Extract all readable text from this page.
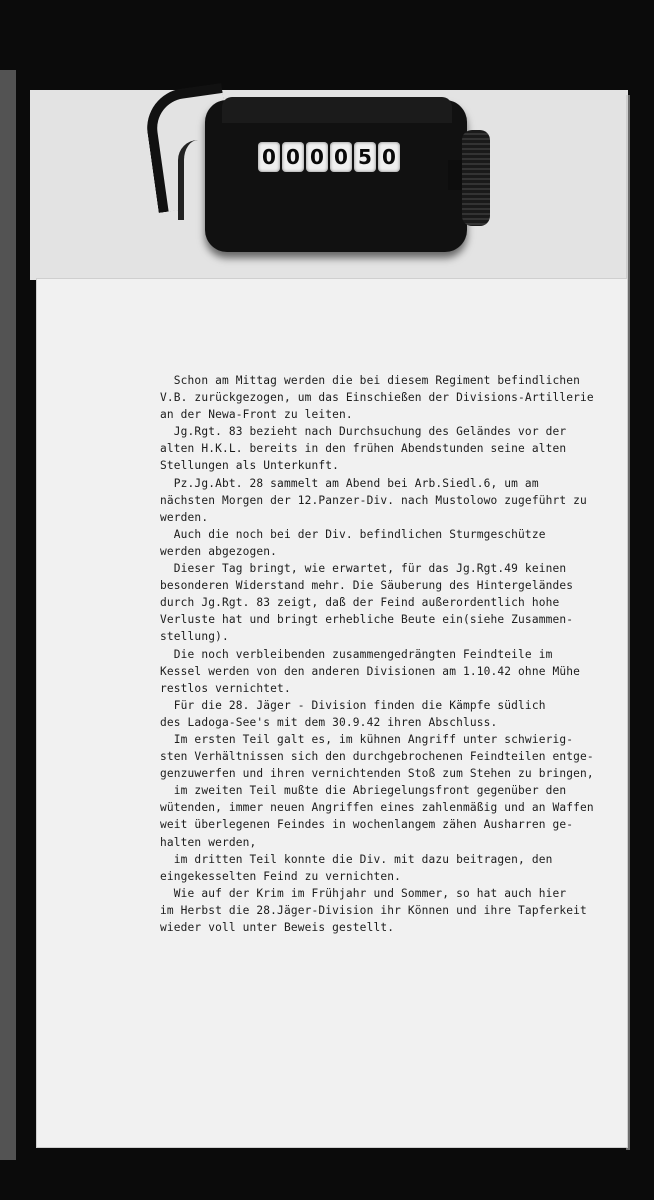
0 0 0 0 5 0
Schon am Mittag werden die bei diesem Regiment befindlichen
V.B. zurückgezogen, um das Einschießen der Divisions-Artillerie
an der Newa-Front zu leiten.
Jg.Rgt. 83 bezieht nach Durchsuchung des Geländes vor der
alten H.K.L. bereits in den frühen Abendstunden seine alten
Stellungen als Unterkunft.
Pz.Jg.Abt. 28 sammelt am Abend bei Arb.Siedl.6, um am
nächsten Morgen der 12.Panzer-Div. nach Mustolowo zugeführt zu
werden.
Auch die noch bei der Div. befindlichen Sturmgeschütze
werden abgezogen.
Dieser Tag bringt, wie erwartet, für das Jg.Rgt.49 keinen
besonderen Widerstand mehr. Die Säuberung des Hintergeländes
durch Jg.Rgt. 83 zeigt, daß der Feind außerordentlich hohe
Verluste hat und bringt erhebliche Beute ein(siehe Zusammen-
stellung).
Die noch verbleibenden zusammengedrängten Feindteile im
Kessel werden von den anderen Divisionen am 1.10.42 ohne Mühe
restlos vernichtet.
Für die 28. Jäger - Division finden die Kämpfe südlich
des Ladoga-See's mit dem 30.9.42 ihren Abschluss.
Im ersten Teil galt es, im kühnen Angriff unter schwierig-
sten Verhältnissen sich den durchgebrochenen Feindteilen entge-
genzuwerfen und ihren vernichtenden Stoß zum Stehen zu bringen,
im zweiten Teil mußte die Abriegelungsfront gegenüber den
wütenden, immer neuen Angriffen eines zahlenmäßig und an Waffen
weit überlegenen Feindes in wochenlangem zähen Ausharren ge-
halten werden,
im dritten Teil konnte die Div. mit dazu beitragen, den
eingekesselten Feind zu vernichten.
Wie auf der Krim im Frühjahr und Sommer, so hat auch hier
im Herbst die 28.Jäger-Division ihr Können und ihre Tapferkeit
wieder voll unter Beweis gestellt.
